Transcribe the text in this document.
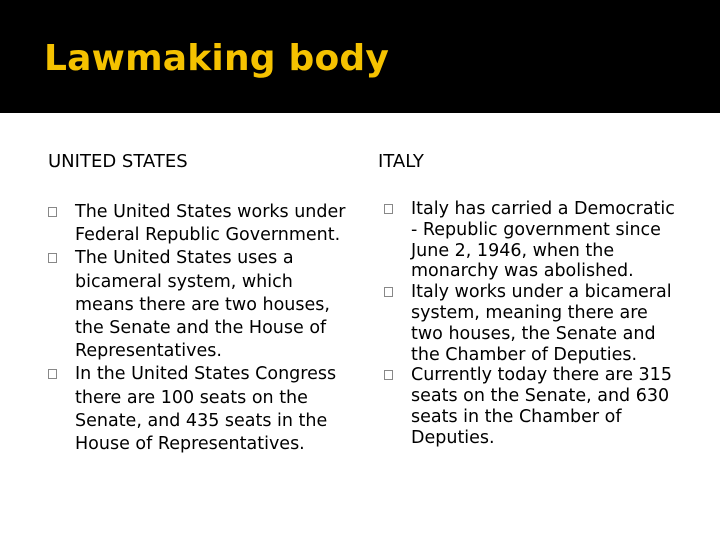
Lawmaking body
UNITED STATES	ITALY
The United States works under Federal Republic Government.
The United States uses a bicameral system, which means there are two houses, the Senate and the House of Representatives.
In the United States Congress there are 100 seats on the Senate, and 435 seats in the House of Representatives.
Italy has carried a Democratic - Republic government since June 2, 1946, when the monarchy was abolished.
Italy works under a bicameral system, meaning there are two houses, the Senate and the Chamber of Deputies.
Currently today there are 315 seats on the Senate, and 630 seats in the Chamber of Deputies.
